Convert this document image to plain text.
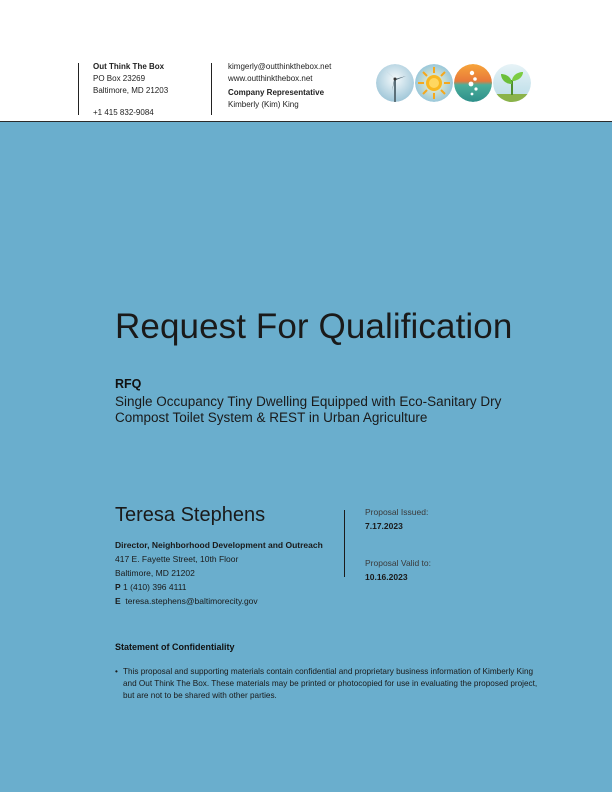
Out Think The Box
PO Box 23269
Baltimore, MD 21203
+1 415 832-9084
kimgerly@outthinkthebox.net
www.outthinkthebox.net
Company Representative
Kimberly (Kim) King
Request For Qualification
RFQ
Single Occupancy Tiny Dwelling Equipped with Eco-Sanitary Dry Compost Toilet System & REST in Urban Agriculture
Teresa Stephens
Director, Neighborhood Development and Outreach
417 E. Fayette Street, 10th Floor
Baltimore, MD 21202
P 1 (410) 396 4111
E teresa.stephens@baltimorecity.gov
Proposal Issued:
7.17.2023
Proposal Valid to:
10.16.2023
Statement of Confidentiality
• This proposal and supporting materials contain confidential and proprietary business information of Kimberly King and Out Think The Box. These materials may be printed or photocopied for use in evaluating the proposed project, but are not to be shared with other parties.
